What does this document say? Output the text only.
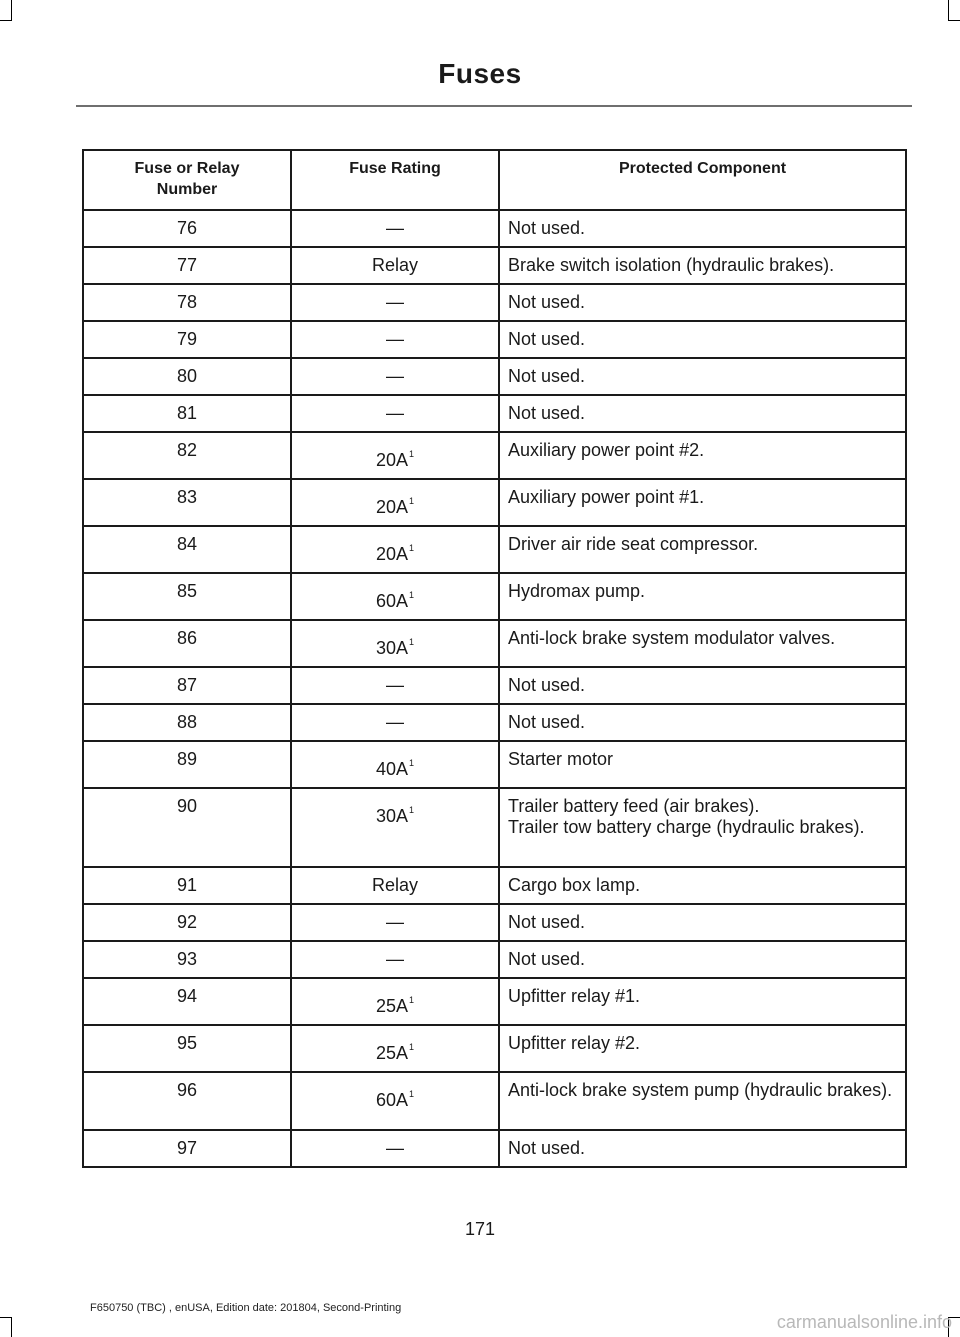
Fuses
Fuse or Relay
Number	Fuse Rating	Protected Component
76	—	Not used.

77	Relay	Brake switch isolation (hydraulic brakes).

78	—	Not used.

79	—	Not used.

80	—	Not used.

81	—	Not used.

82	20A$^1$	Auxiliary power point #2.

83	20A$^1$	Auxiliary power point #1.

84	20A$^1$	Driver air ride seat compressor.

85	60A$^1$	Hydromax pump.

86	30A$^1$	Anti-lock brake system modulator valves.

87	—	Not used.

88	—	Not used.

89	40A$^1$	Starter motor

90	30A$^1$	Trailer battery feed (air brakes).
Trailer tow battery charge (hydraulic brakes).

91	Relay	Cargo box lamp.

92	—	Not used.

93	—	Not used.

94	25A$^1$	Upfitter relay #1.

95	25A$^1$	Upfitter relay #2.

96	60A$^1$	Anti-lock brake system pump (hydraulic brakes).

97	—	Not used.
171
F650750 (TBC) , enUSA, Edition date: 201804, Second-Printing
carmanualsonline.info
